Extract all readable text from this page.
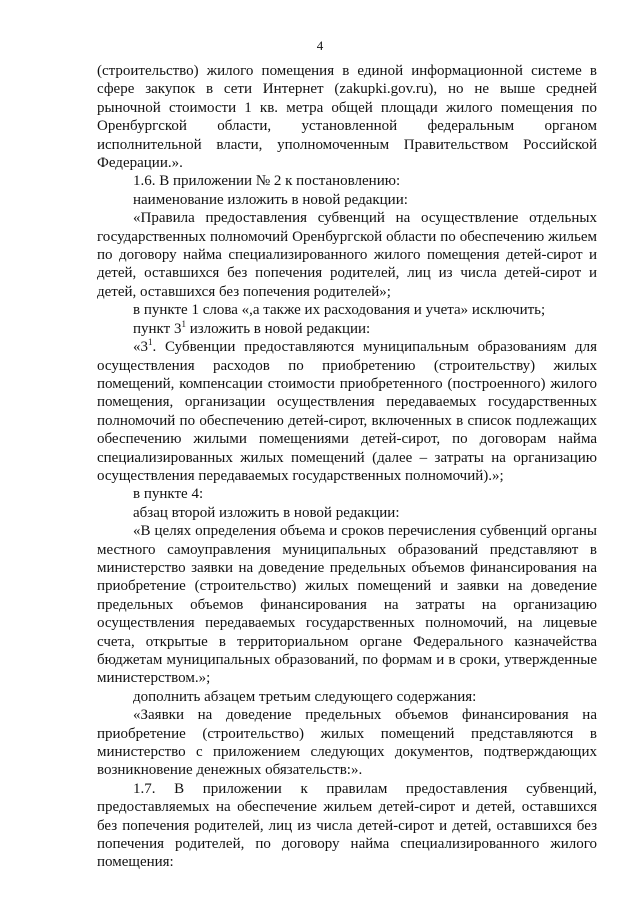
4

(строительство) жилого помещения в единой информационной системе в сфере закупок в сети Интернет (zakupki.gov.ru), но не выше средней рыночной стоимости 1 кв. метра общей площади жилого помещения по Оренбургской области, установленной федеральным органом исполнительной власти, уполномоченным Правительством Российской Федерации.».

1.6. В приложении № 2 к постановлению:

наименование изложить в новой редакции:

«Правила предоставления субвенций на осуществление отдельных государственных полномочий Оренбургской области по обеспечению жильем по договору найма специализированного жилого помещения детей-сирот и детей, оставшихся без попечения родителей, лиц из числа детей-сирот и детей, оставшихся без попечения родителей»;

в пункте 1 слова «,а также их расходования и учета» исключить;

пункт $3^1$ изложить в новой редакции:

«$3^1$. Субвенции предоставляются муниципальным образованиям для осуществления расходов по приобретению (строительству) жилых помещений, компенсации стоимости приобретенного (построенного) жилого помещения, организации осуществления передаваемых государственных полномочий по обеспечению детей-сирот, включенных в список подлежащих обеспечению жилыми помещениями детей-сирот, по договорам найма специализированных жилых помещений (далее – затраты на организацию осуществления передаваемых государственных полномочий).»;

в пункте 4:

абзац второй изложить в новой редакции:

«В целях определения объема и сроков перечисления субвенций органы местного самоуправления муниципальных образований представляют в министерство заявки на доведение предельных объемов финансирования на приобретение (строительство) жилых помещений и заявки на доведение предельных объемов финансирования на затраты на организацию осуществления передаваемых государственных полномочий, на лицевые счета, открытые в территориальном органе Федерального казначейства бюджетам муниципальных образований, по формам и в сроки, утвержденные министерством.»;

дополнить абзацем третьим следующего содержания:

«Заявки на доведение предельных объемов финансирования на приобретение (строительство) жилых помещений представляются в министерство с приложением следующих документов, подтверждающих возникновение денежных обязательств:».

1.7. В приложении к правилам предоставления субвенций, предоставляемых на обеспечение жильем детей-сирот и детей, оставшихся без попечения родителей, лиц из числа детей-сирот и детей, оставшихся без попечения родителей, по договору найма специализированного жилого помещения:
